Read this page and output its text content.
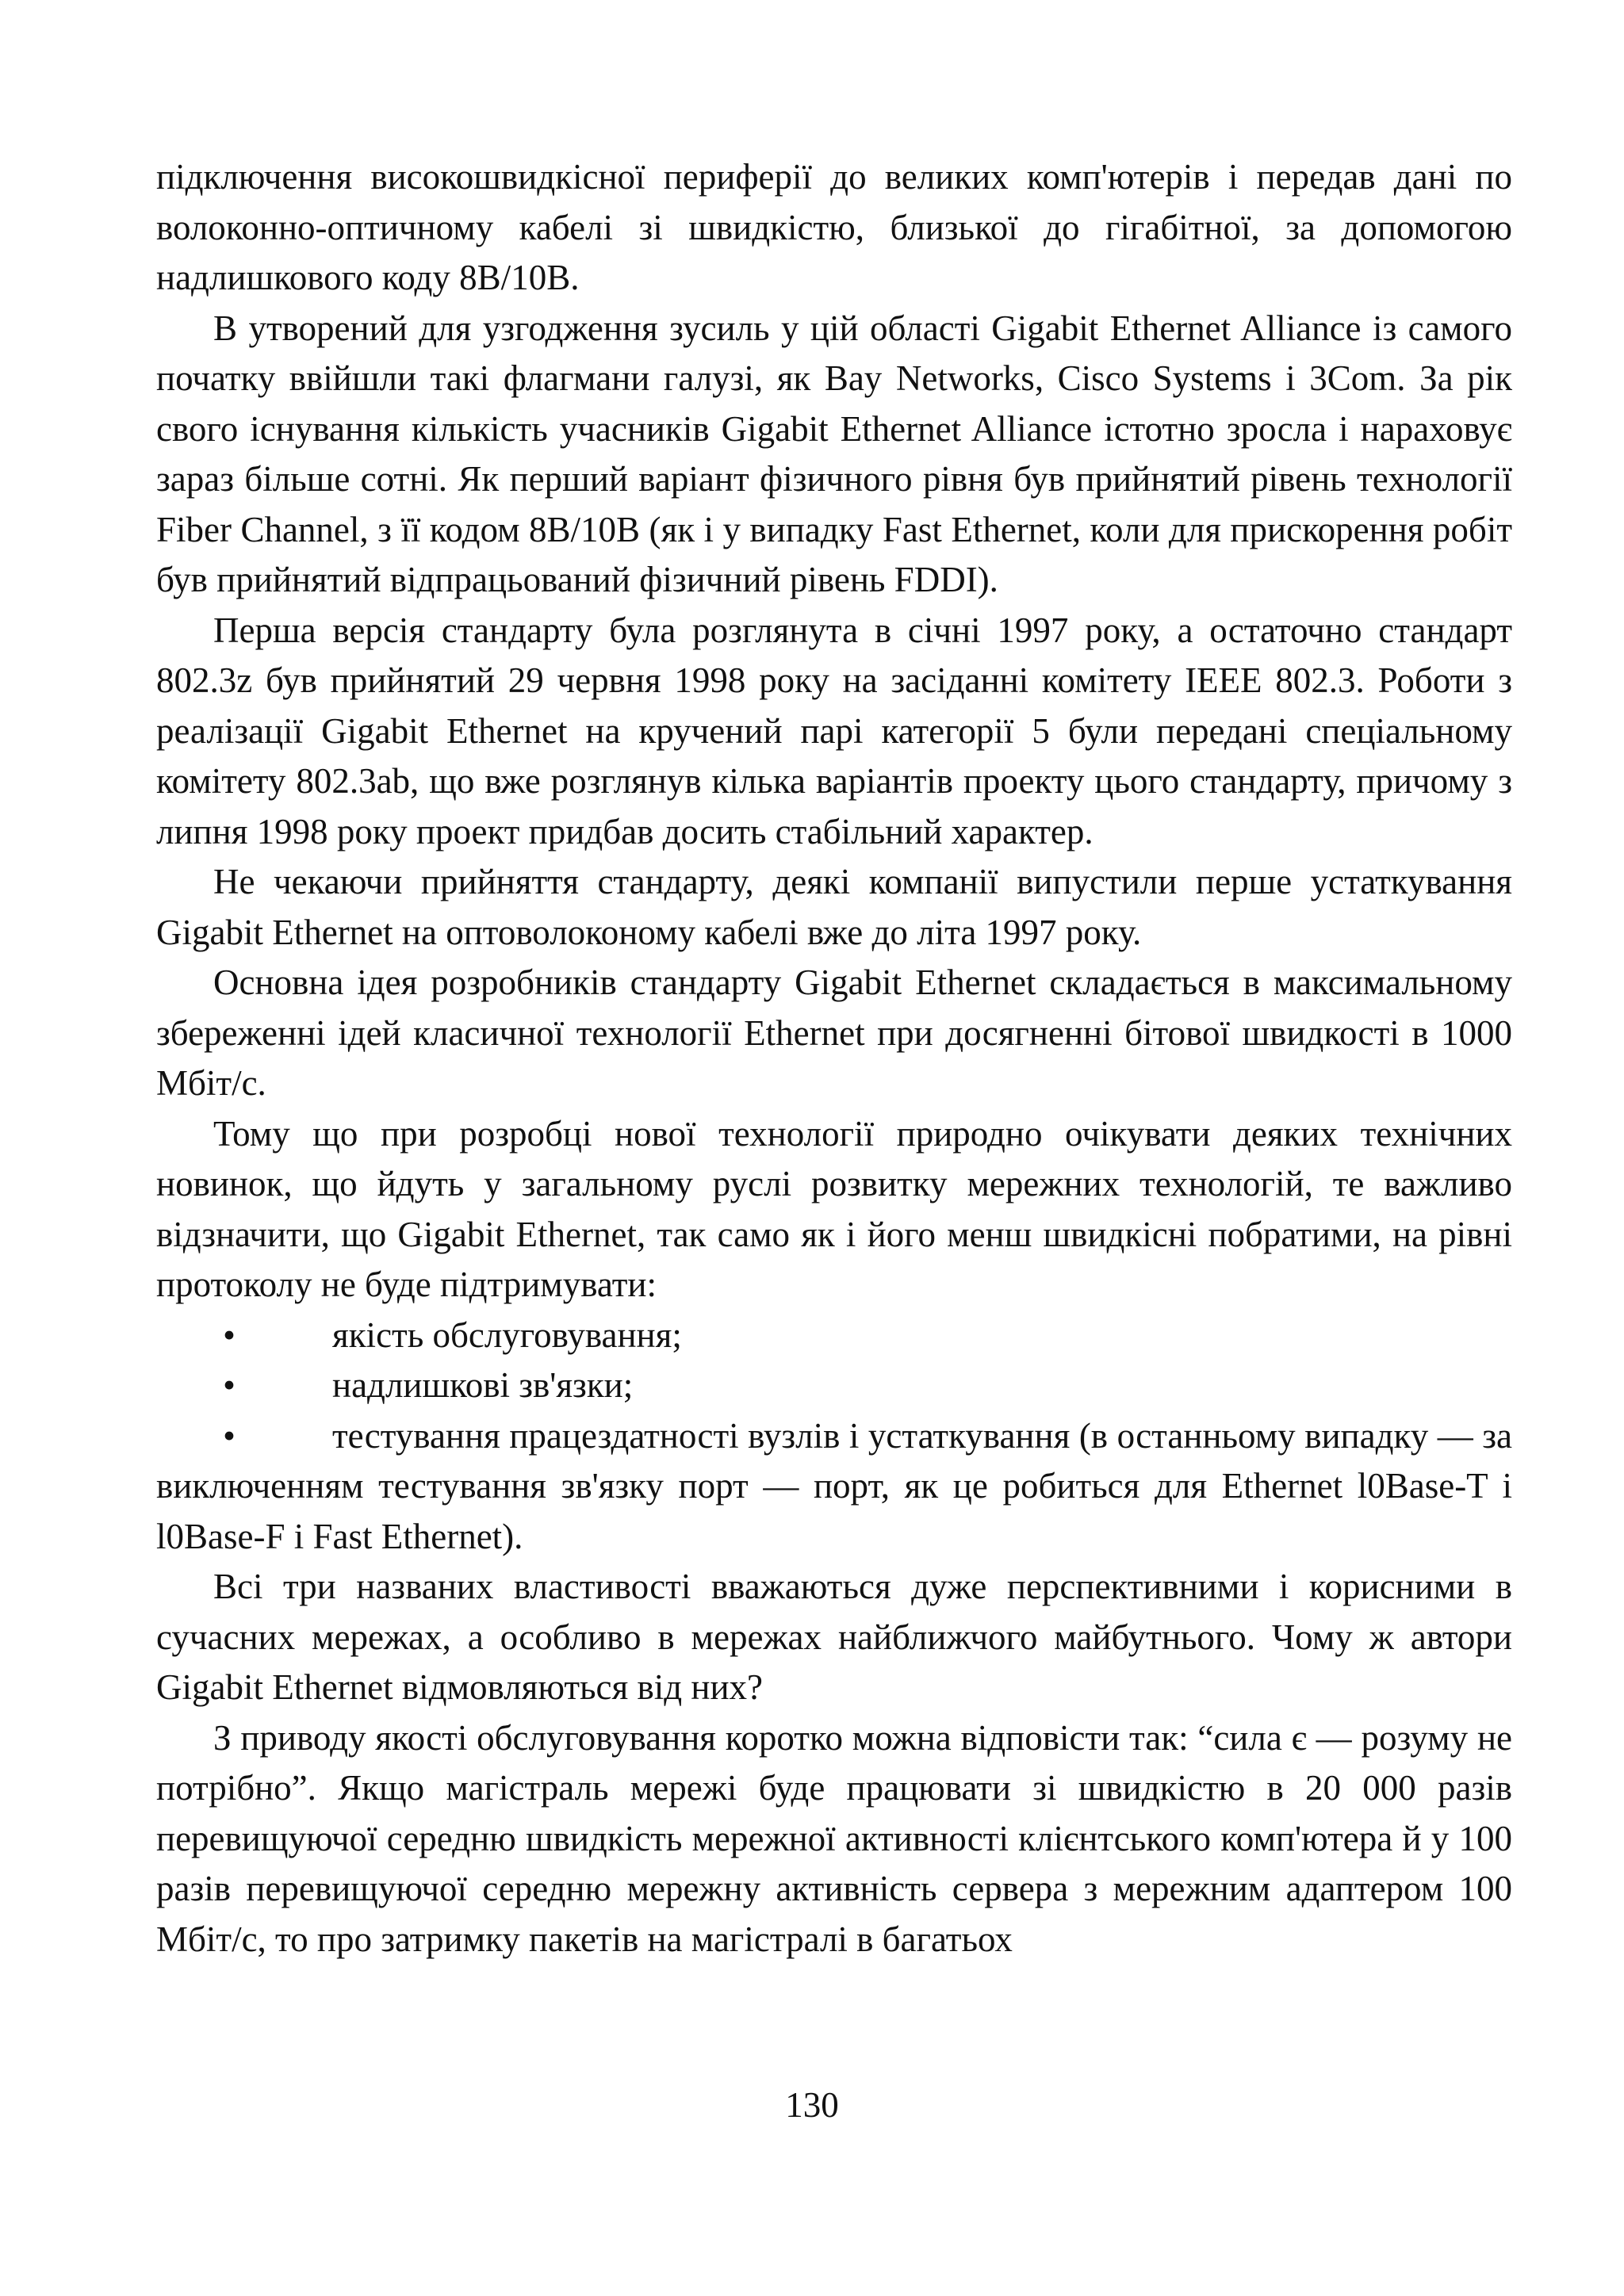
підключення високошвидкісної периферії до великих комп'ютерів і передав дані по волоконно-оптичному кабелі зі швидкістю, близької до гігабітної, за допомогою надлишкового коду 8В/10В.

В утворений для узгодження зусиль у цій області Gigabit Ethernet Alliance із самого початку ввійшли такі флагмани галузі, як Bay Networks, Cisco Systems і 3Com. За рік свого існування кількість учасників Gigabit Ethernet Alliance істотно зросла і нараховує зараз більше сотні. Як перший варіант фізичного рівня був прийнятий рівень технології Fiber Channel, з її кодом 8В/10В (як і у випадку Fast Ethernet, коли для прискорення робіт був прийнятий відпрацьований фізичний рівень FDDI).

Перша версія стандарту була розглянута в січні 1997 року, а остаточно стандарт 802.3z був прийнятий 29 червня 1998 року на засіданні комітету IEEE 802.3. Роботи з реалізації Gigabit Ethernet на кручений парі категорії 5 були передані спеціальному комітету 802.3ab, що вже розглянув кілька варіантів проекту цього стандарту, причому з липня 1998 року проект придбав досить стабільний характер.

Не чекаючи прийняття стандарту, деякі компанії випустили перше устаткування Gigabit Ethernet на оптоволоконому кабелі вже до літа 1997 року.

Основна ідея розробників стандарту Gigabit Ethernet складається в максимальному збереженні ідей класичної технології Ethernet при досягненні бітової швидкості в 1000 Мбіт/с.

Тому що при розробці нової технології природно очікувати деяких технічних новинок, що йдуть у загальному руслі розвитку мережних технологій, те важливо відзначити, що Gigabit Ethernet, так само як і його менш швидкісні побратими, на рівні протоколу не буде підтримувати:

•	якість обслуговування;
•	надлишкові зв'язки;
•	тестування працездатності вузлів і устаткування (в останньому випадку — за виключенням тестування зв'язку порт — порт, як це робиться для Ethernet l0Base-T і l0Base-F і Fast Ethernet).

Всі три названих властивості вважаються дуже перспективними і корисними в сучасних мережах, а особливо в мережах найближчого майбутнього. Чому ж автори Gigabit Ethernet відмовляються від них?

З приводу якості обслуговування коротко можна відповісти так: “сила є — розуму не потрібно”. Якщо магістраль мережі буде працювати зі швидкістю в 20 000 разів перевищуючої середню швидкість мережної активності клієнтського комп'ютера й у 100 разів перевищуючої середню мережну активність сервера з мережним адаптером 100 Мбіт/с, то про затримку пакетів на магістралі в багатьох

130
